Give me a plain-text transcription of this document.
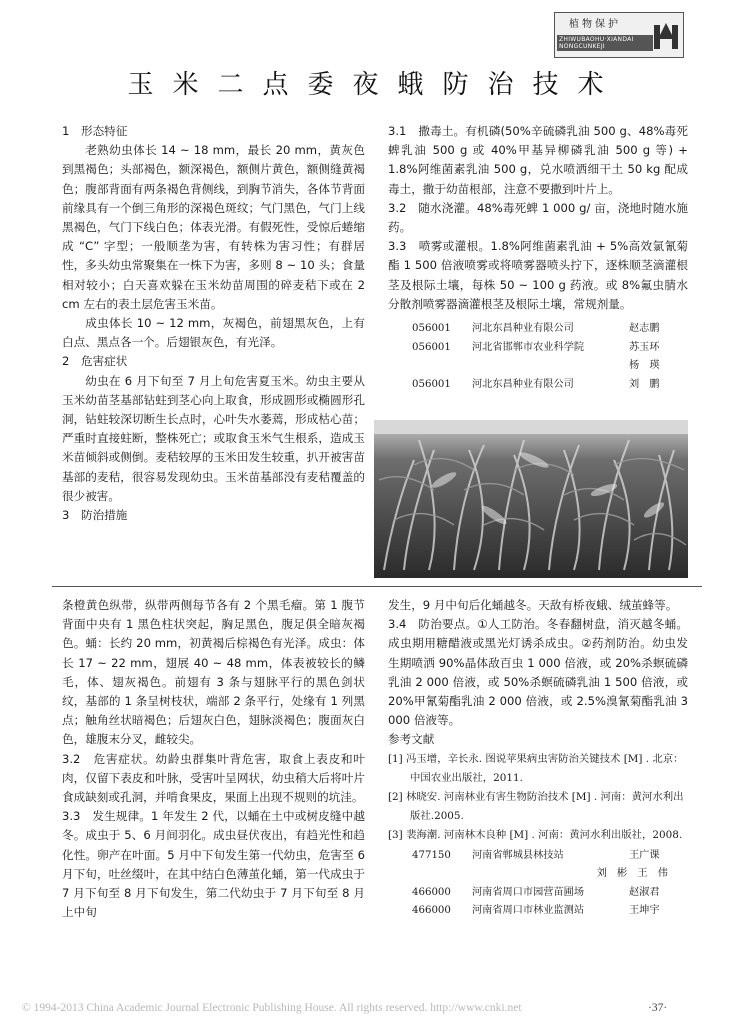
植物保护
ZHIWUBAOHU·XIANDAI NONGCUNKEJI
玉米二点委夜蛾防治技术

1　形态特征

老熟幼虫体长 14 ~ 18 mm，最长 20 mm，黄灰色到黑褐色；头部褐色，额深褐色，额侧片黄色，额侧缝黄褐色；腹部背面有两条褐色背侧线，到胸节消失，各体节背面前缘具有一个倒三角形的深褐色斑纹；气门黑色，气门上线黑褐色，气门下线白色；体表光滑。有假死性，受惊后蜷缩成 “C” 字型；一般顺垄为害，有转株为害习性；有群居性，多头幼虫常聚集在一株下为害，多则 8 ~ 10 头；食量相对较小；白天喜欢躲在玉米幼苗周围的碎麦秸下或在 2 cm 左右的表土层危害玉米苗。

成虫体长 10 ~ 12 mm，灰褐色，前翅黑灰色，上有白点、黑点各一个。后翅银灰色，有光泽。

2　危害症状

幼虫在 6 月下旬至 7 月上旬危害夏玉米。幼虫主要从玉米幼苗茎基部钻蛀到茎心向上取食，形成圆形或椭圆形孔洞，钻蛀较深切断生长点时，心叶失水萎蔫，形成枯心苗；严重时直接蛀断，整株死亡；或取食玉米气生根系，造成玉米苗倾斜或侧倒。麦秸较厚的玉米田发生较重，扒开被害苗基部的麦秸，很容易发现幼虫。玉米苗基部没有麦秸覆盖的很少被害。

3　防治措施

3.1　撒毒土。有机磷(50%辛硫磷乳油 500 g、48%毒死蜱乳油 500 g 或 40%甲基异柳磷乳油 500 g 等) + 1.8%阿维菌素乳油 500 g，兑水喷洒细干土 50 kg 配成毒土，撒于幼苗根部，注意不要撒到叶片上。

3.2　随水浇灌。48%毒死蜱 1 000 g/ 亩，浇地时随水施药。

3.3　喷雾或灌根。1.8%阿维菌素乳油 + 5%高效氯氰菊酯 1 500 倍液喷雾或将喷雾器喷头拧下，逐株顺茎滴灌根茎及根际土壤，每株 50 ~ 100 g 药液。或 8%氟虫腈水分散剂喷雾器滴灌根茎及根际土壤，常规剂量。

056001 河北东昌种业有限公司	赵志鹏
056001 河北省邯郸市农业科学院	苏玉环
杨　瑛
056001 河北东昌种业有限公司	刘　鹏

条橙黄色纵带，纵带两侧每节各有 2 个黑毛瘤。第 1 腹节背面中央有 1 黑色柱状突起，胸足黑色，腹足俱全暗灰褐色。蛹：长约 20 mm，初黄褐后棕褐色有光泽。成虫：体长 17 ~ 22 mm，翅展 40 ~ 48 mm，体表被较长的鳞毛，体、翅灰褐色。前翅有 3 条与翅脉平行的黑色剑状纹，基部的 1 条呈树枝状，端部 2 条平行，处缘有 1 列黑点；触角丝状暗褐色；后翅灰白色，翅脉淡褐色；腹面灰白色，雄腹末分叉，雌较尖。

3.2　危害症状。幼龄虫群集叶背危害，取食上表皮和叶肉，仅留下表皮和叶脉，受害叶呈网状，幼虫稍大后将叶片食成缺刻或孔洞，并啃食果皮，果面上出现不规则的坑洼。

3.3　发生规律。1 年发生 2 代，以蛹在土中或树皮缝中越冬。成虫于 5、6 月间羽化。成虫昼伏夜出，有趋光性和趋化性。卵产在叶面。5 月中下旬发生第一代幼虫，危害至 6 月下旬，吐丝缀叶，在其中结白色薄茧化蛹，第一代成虫于 7 月下旬至 8 月下旬发生，第二代幼虫于 7 月下旬至 8 月上中旬

发生，9 月中旬后化蛹越冬。天敌有桥夜蛾、绒茧蜂等。

3.4　防治要点。①人工防治。冬春翻树盘，消灭越冬蛹。成虫期用糖醋液或黑光灯诱杀成虫。②药剂防治。幼虫发生期喷洒 90%晶体敌百虫 1 000 倍液，或 20%杀螟硫磷乳油 2 000 倍液，或 50%杀螟硫磷乳油 1 500 倍液，或 20%甲氰菊酯乳油 2 000 倍液，或 2.5%溴氰菊酯乳油 3 000 倍液等。

参考文献

[1] 冯玉增，辛长永. 图说苹果病虫害防治关键技术 [M] . 北京：中国农业出版社，2011.

[2] 林晓安. 河南林业有害生物防治技术 [M] . 河南：黄河水利出版社.2005.

[3] 裴海潮. 河南林木良种 [M] . 河南：黄河水利出版社，2008.

477150 河南省郸城县林技站	王广课
刘　彬　王　伟
466000 河南省周口市园营苗圃场	赵淑君
466000 河南省周口市林业监测站	王坤宇
© 1994-2013 China Academic Journal Electronic Publishing House. All rights reserved. http://www.cnki.net	·37·
